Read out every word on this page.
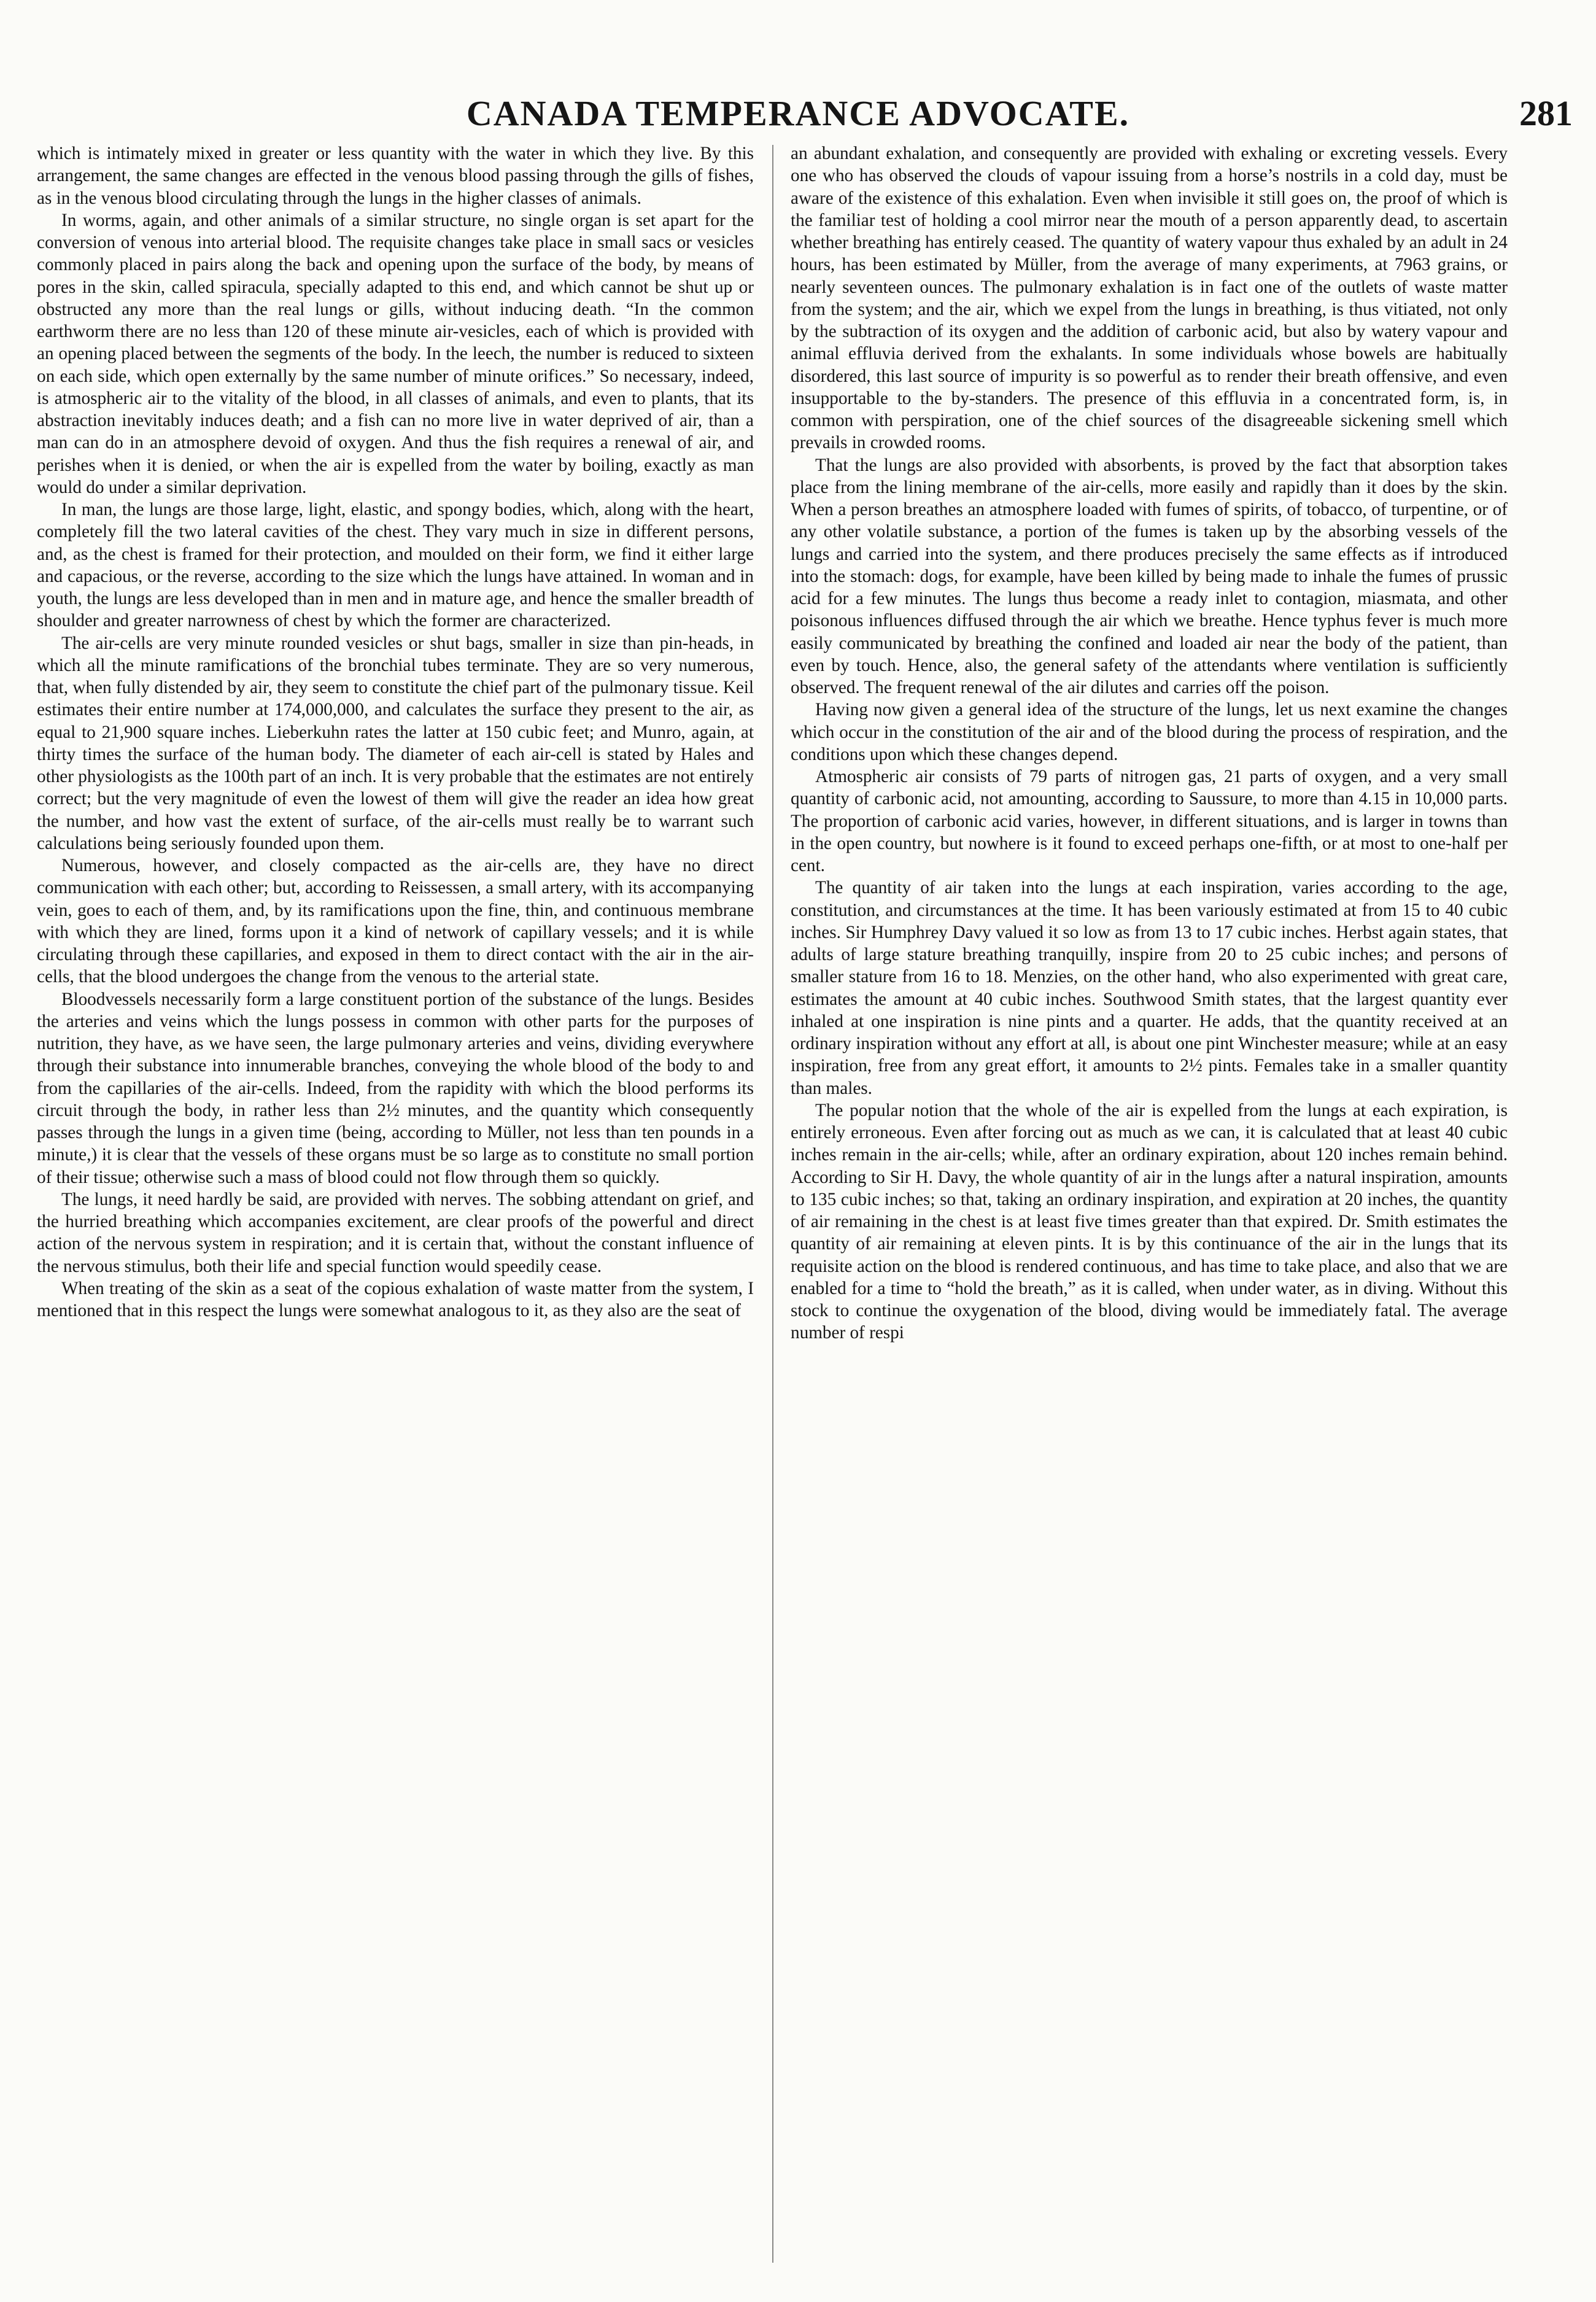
CANADA TEMPERANCE ADVOCATE.	281

which is intimately mixed in greater or less quantity with the water in which they live. By this arrangement, the same changes are effected in the venous blood passing through the gills of fishes, as in the venous blood circulating through the lungs in the higher classes of animals.

In worms, again, and other animals of a similar structure, no single organ is set apart for the conversion of venous into arterial blood. The requisite changes take place in small sacs or vesicles commonly placed in pairs along the back and opening upon the surface of the body, by means of pores in the skin, called spiracula, specially adapted to this end, and which cannot be shut up or obstructed any more than the real lungs or gills, without inducing death. “In the common earthworm there are no less than 120 of these minute air-vesicles, each of which is provided with an opening placed between the segments of the body. In the leech, the number is reduced to sixteen on each side, which open externally by the same number of minute orifices.” So necessary, indeed, is atmospheric air to the vitality of the blood, in all classes of animals, and even to plants, that its abstraction inevitably induces death; and a fish can no more live in water deprived of air, than a man can do in an atmosphere devoid of oxygen. And thus the fish requires a renewal of air, and perishes when it is denied, or when the air is expelled from the water by boiling, exactly as man would do under a similar deprivation.

In man, the lungs are those large, light, elastic, and spongy bodies, which, along with the heart, completely fill the two lateral cavities of the chest. They vary much in size in different persons, and, as the chest is framed for their protection, and moulded on their form, we find it either large and capacious, or the reverse, according to the size which the lungs have attained. In woman and in youth, the lungs are less developed than in men and in mature age, and hence the smaller breadth of shoulder and greater narrowness of chest by which the former are characterized.

The air-cells are very minute rounded vesicles or shut bags, smaller in size than pin-heads, in which all the minute ramifications of the bronchial tubes terminate. They are so very numerous, that, when fully distended by air, they seem to constitute the chief part of the pulmonary tissue. Keil estimates their entire number at 174,000,000, and calculates the surface they present to the air, as equal to 21,900 square inches. Lieberkuhn rates the latter at 150 cubic feet; and Munro, again, at thirty times the surface of the human body. The diameter of each air-cell is stated by Hales and other physiologists as the 100th part of an inch. It is very probable that the estimates are not entirely correct; but the very magnitude of even the lowest of them will give the reader an idea how great the number, and how vast the extent of surface, of the air-cells must really be to warrant such calculations being seriously founded upon them.

Numerous, however, and closely compacted as the air-cells are, they have no direct communication with each other; but, according to Reissessen, a small artery, with its accompanying vein, goes to each of them, and, by its ramifications upon the fine, thin, and continuous membrane with which they are lined, forms upon it a kind of network of capillary vessels; and it is while circulating through these capillaries, and exposed in them to direct contact with the air in the air-cells, that the blood undergoes the change from the venous to the arterial state.

Bloodvessels necessarily form a large constituent portion of the substance of the lungs. Besides the arteries and veins which the lungs possess in common with other parts for the purposes of nutrition, they have, as we have seen, the large pulmonary arteries and veins, dividing everywhere through their substance into innumerable branches, conveying the whole blood of the body to and from the capillaries of the air-cells. Indeed, from the rapidity with which the blood performs its circuit through the body, in rather less than 2½ minutes, and the quantity which consequently passes through the lungs in a given time (being, according to Müller, not less than ten pounds in a minute,) it is clear that the vessels of these organs must be so large as to constitute no small portion of their tissue; otherwise such a mass of blood could not flow through them so quickly.

The lungs, it need hardly be said, are provided with nerves. The sobbing attendant on grief, and the hurried breathing which accompanies excitement, are clear proofs of the powerful and direct action of the nervous system in respiration; and it is certain that, without the constant influence of the nervous stimulus, both their life and special function would speedily cease.

When treating of the skin as a seat of the copious exhalation of waste matter from the system, I mentioned that in this respect the lungs were somewhat analogous to it, as they also are the seat of

an abundant exhalation, and consequently are provided with exhaling or excreting vessels. Every one who has observed the clouds of vapour issuing from a horse’s nostrils in a cold day, must be aware of the existence of this exhalation. Even when invisible it still goes on, the proof of which is the familiar test of holding a cool mirror near the mouth of a person apparently dead, to ascertain whether breathing has entirely ceased. The quantity of watery vapour thus exhaled by an adult in 24 hours, has been estimated by Müller, from the average of many experiments, at 7963 grains, or nearly seventeen ounces. The pulmonary exhalation is in fact one of the outlets of waste matter from the system; and the air, which we expel from the lungs in breathing, is thus vitiated, not only by the subtraction of its oxygen and the addition of carbonic acid, but also by watery vapour and animal effluvia derived from the exhalants. In some individuals whose bowels are habitually disordered, this last source of impurity is so powerful as to render their breath offensive, and even insupportable to the by-standers. The presence of this effluvia in a concentrated form, is, in common with perspiration, one of the chief sources of the disagreeable sickening smell which prevails in crowded rooms.

That the lungs are also provided with absorbents, is proved by the fact that absorption takes place from the lining membrane of the air-cells, more easily and rapidly than it does by the skin. When a person breathes an atmosphere loaded with fumes of spirits, of tobacco, of turpentine, or of any other volatile substance, a portion of the fumes is taken up by the absorbing vessels of the lungs and carried into the system, and there produces precisely the same effects as if introduced into the stomach: dogs, for example, have been killed by being made to inhale the fumes of prussic acid for a few minutes. The lungs thus become a ready inlet to contagion, miasmata, and other poisonous influences diffused through the air which we breathe. Hence typhus fever is much more easily communicated by breathing the confined and loaded air near the body of the patient, than even by touch. Hence, also, the general safety of the attendants where ventilation is sufficiently observed. The frequent renewal of the air dilutes and carries off the poison.

Having now given a general idea of the structure of the lungs, let us next examine the changes which occur in the constitution of the air and of the blood during the process of respiration, and the conditions upon which these changes depend.

Atmospheric air consists of 79 parts of nitrogen gas, 21 parts of oxygen, and a very small quantity of carbonic acid, not amounting, according to Saussure, to more than 4.15 in 10,000 parts. The proportion of carbonic acid varies, however, in different situations, and is larger in towns than in the open country, but nowhere is it found to exceed perhaps one-fifth, or at most to one-half per cent.

The quantity of air taken into the lungs at each inspiration, varies according to the age, constitution, and circumstances at the time. It has been variously estimated at from 15 to 40 cubic inches. Sir Humphrey Davy valued it so low as from 13 to 17 cubic inches. Herbst again states, that adults of large stature breathing tranquilly, inspire from 20 to 25 cubic inches; and persons of smaller stature from 16 to 18. Menzies, on the other hand, who also experimented with great care, estimates the amount at 40 cubic inches. Southwood Smith states, that the largest quantity ever inhaled at one inspiration is nine pints and a quarter. He adds, that the quantity received at an ordinary inspiration without any effort at all, is about one pint Winchester measure; while at an easy inspiration, free from any great effort, it amounts to 2½ pints. Females take in a smaller quantity than males.

The popular notion that the whole of the air is expelled from the lungs at each expiration, is entirely erroneous. Even after forcing out as much as we can, it is calculated that at least 40 cubic inches remain in the air-cells; while, after an ordinary expiration, about 120 inches remain behind. According to Sir H. Davy, the whole quantity of air in the lungs after a natural inspiration, amounts to 135 cubic inches; so that, taking an ordinary inspiration, and expiration at 20 inches, the quantity of air remaining in the chest is at least five times greater than that expired. Dr. Smith estimates the quantity of air remaining at eleven pints. It is by this continuance of the air in the lungs that its requisite action on the blood is rendered continuous, and has time to take place, and also that we are enabled for a time to “hold the breath,” as it is called, when under water, as in diving. Without this stock to continue the oxygenation of the blood, diving would be immediately fatal. The average number of respi
